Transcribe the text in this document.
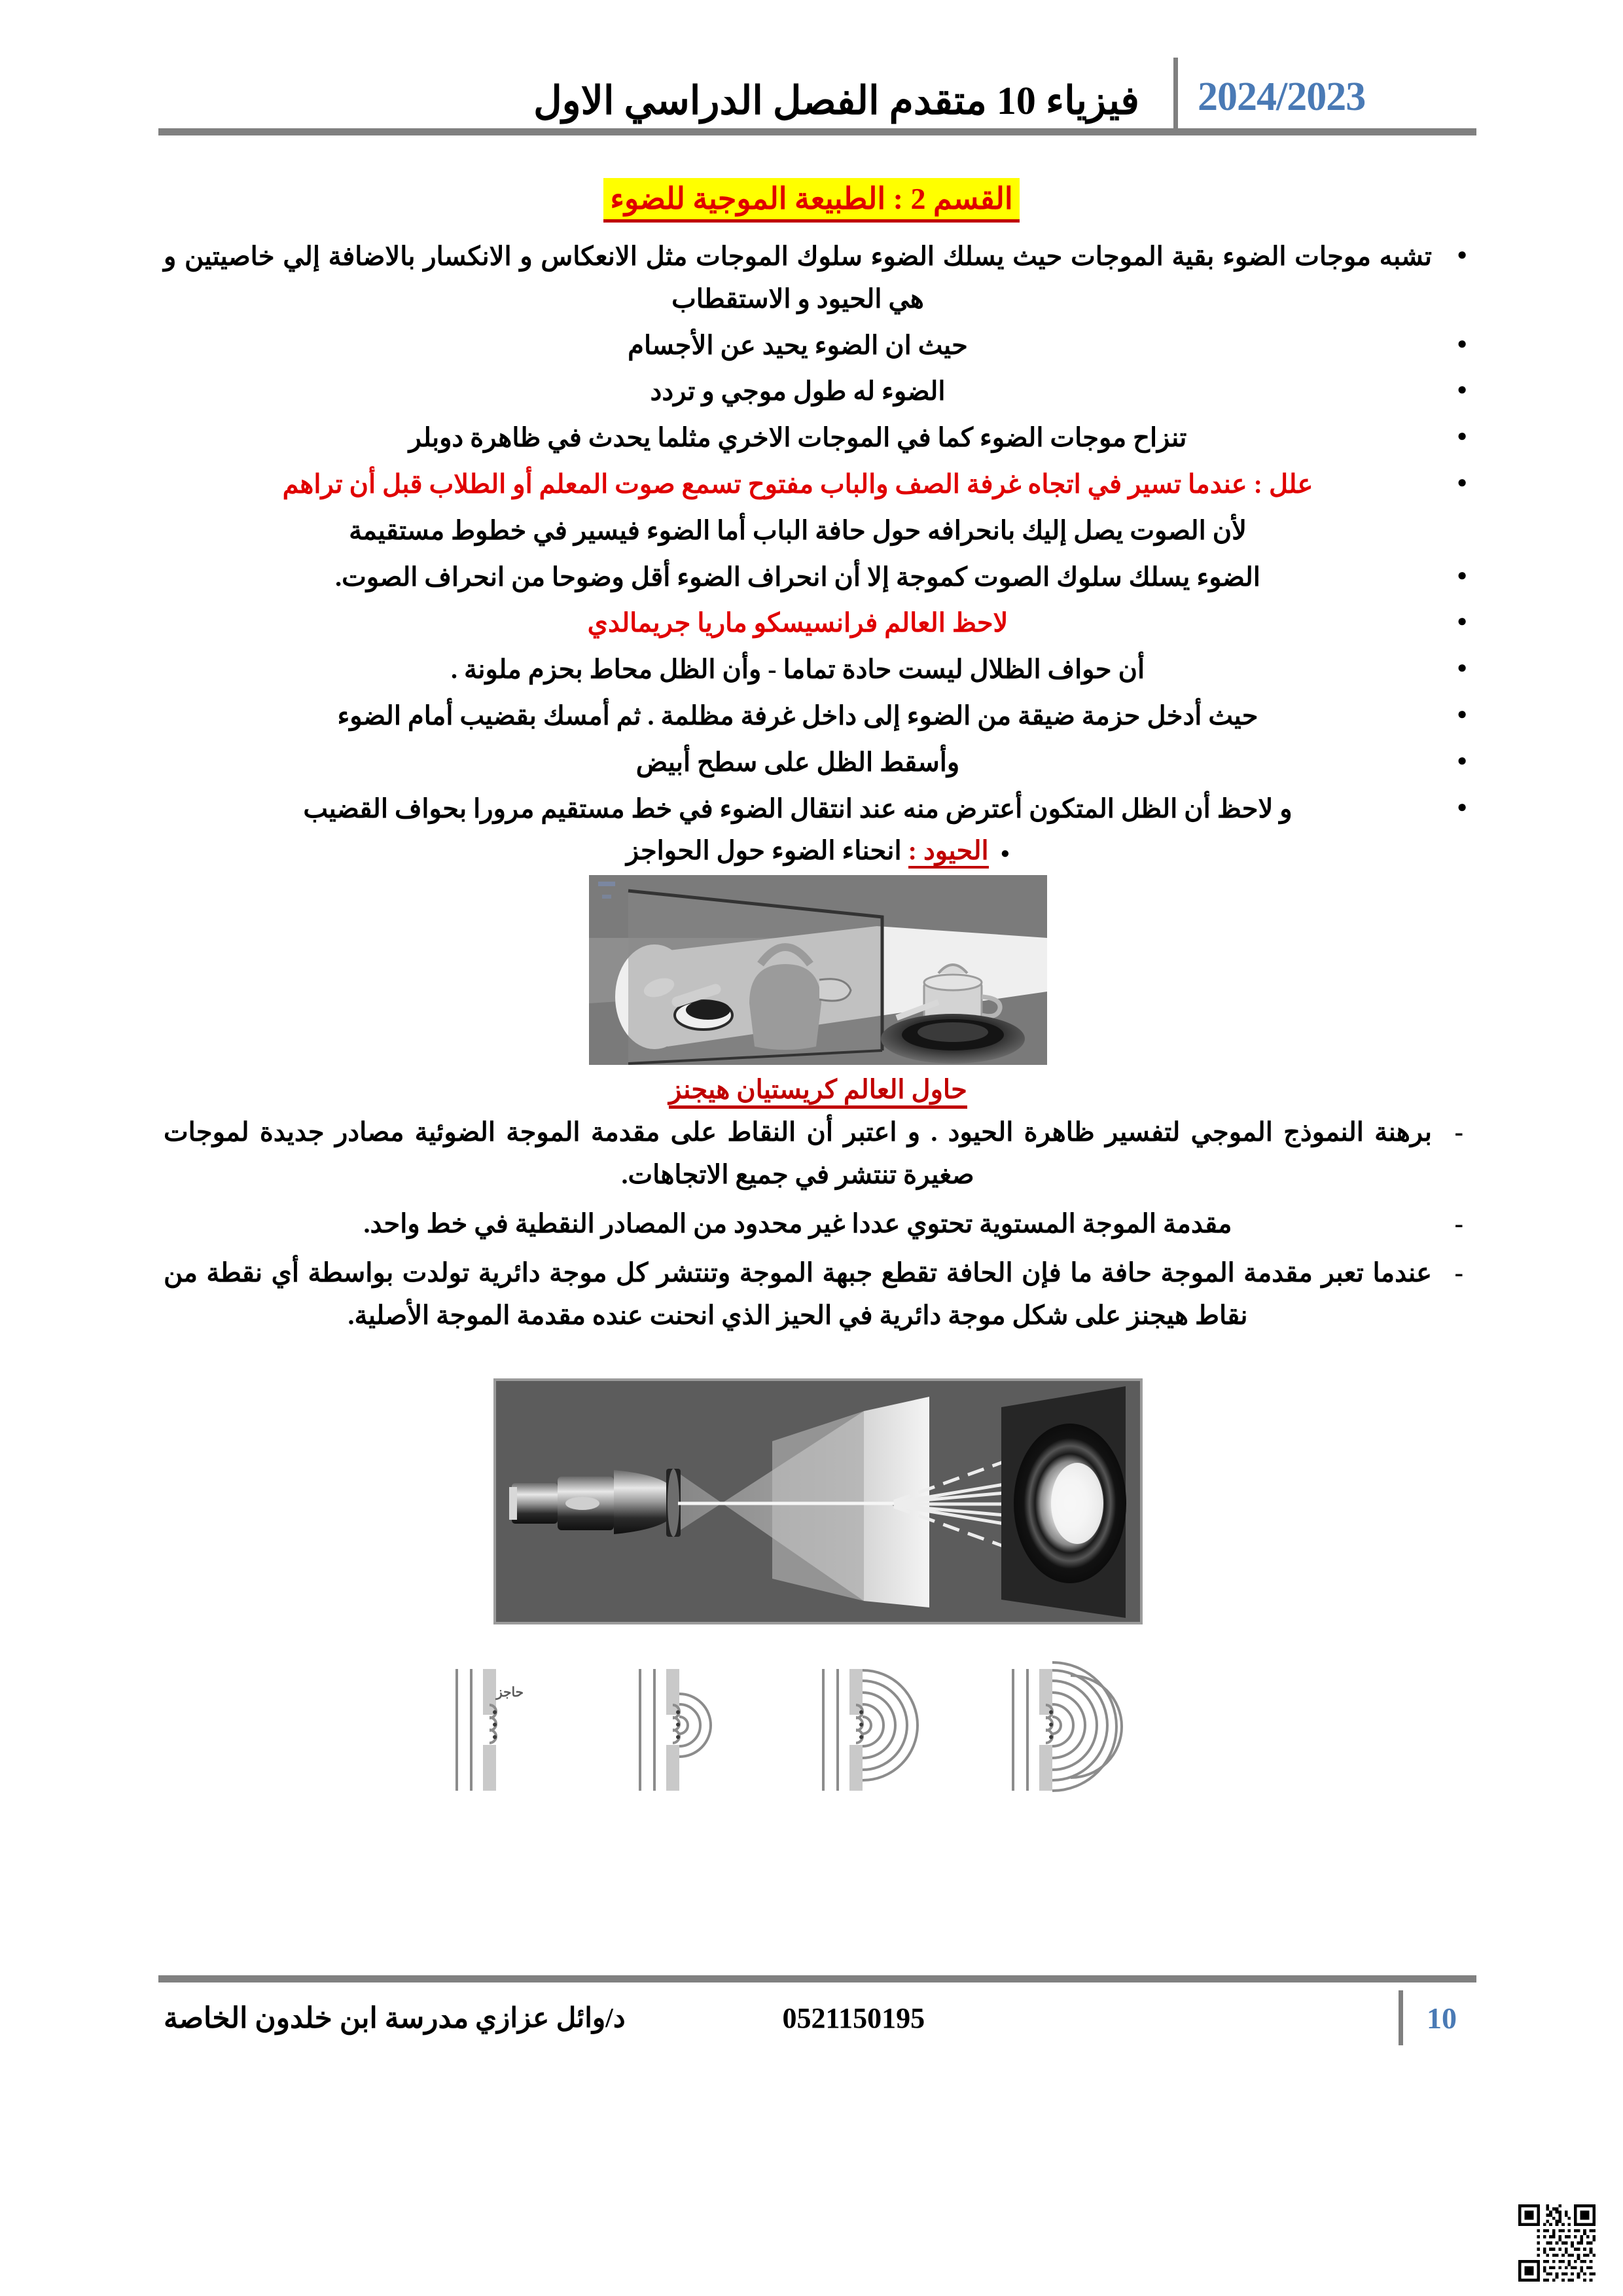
فيزياء 10 متقدم الفصل الدراسي الاول	2024/2023
القسم 2 : الطبيعة الموجية للضوء
● تشبه موجات الضوء بقية الموجات حيث يسلك الضوء سلوك الموجات مثل الانعكاس و الانكسار بالاضافة إلي خاصيتين و هي الحيود و الاستقطاب
● حيث ان الضوء يحيد عن الأجسام
● الضوء له طول موجي و تردد
● تنزاح موجات الضوء كما في الموجات الاخري مثلما يحدث في ظاهرة دوبلر
● علل : عندما تسير في اتجاه غرفة الصف والباب مفتوح تسمع صوت المعلم أو الطلاب قبل أن تراهم
لأن الصوت يصل إليك بانحرافه حول حافة الباب أما الضوء فيسير في خطوط مستقيمة
● الضوء يسلك سلوك الصوت كموجة إلا أن انحراف الضوء أقل وضوحا من انحراف الصوت.
● لاحظ العالم فرانسيسكو ماريا جريمالدي
● أن حواف الظلال ليست حادة تماما - وأن الظل محاط بحزم ملونة .
● حيث أدخل حزمة ضيقة من الضوء إلى داخل غرفة مظلمة . ثم أمسك بقضيب أمام الضوء
● وأسقط الظل على سطح أبيض
● و لاحظ أن الظل المتكون أعترض منه عند انتقال الضوء في خط مستقيم مرورا بحواف القضيب
●الحيود : انحناء الضوء حول الحواجز
حاول العالم كريستيان هيجنز
- برهنة النموذج الموجي لتفسير ظاهرة الحيود . و اعتبر أن النقاط على مقدمة الموجة الضوئية مصادر جديدة لموجات صغيرة تنتشر في جميع الاتجاهات.
- مقدمة الموجة المستوية تحتوي عددا غير محدود من المصادر النقطية في خط واحد.
- عندما تعبر مقدمة الموجة حافة ما فإن الحافة تقطع جبهة الموجة وتنتشر كل موجة دائرية تولدت بواسطة أي نقطة من نقاط هيجنز على شكل موجة دائرية في الحيز الذي انحنت عنده مقدمة الموجة الأصلية.
حاجز
مدرسة ابن خلدون الخاصة د/وائل عزازي	0521150195	10
